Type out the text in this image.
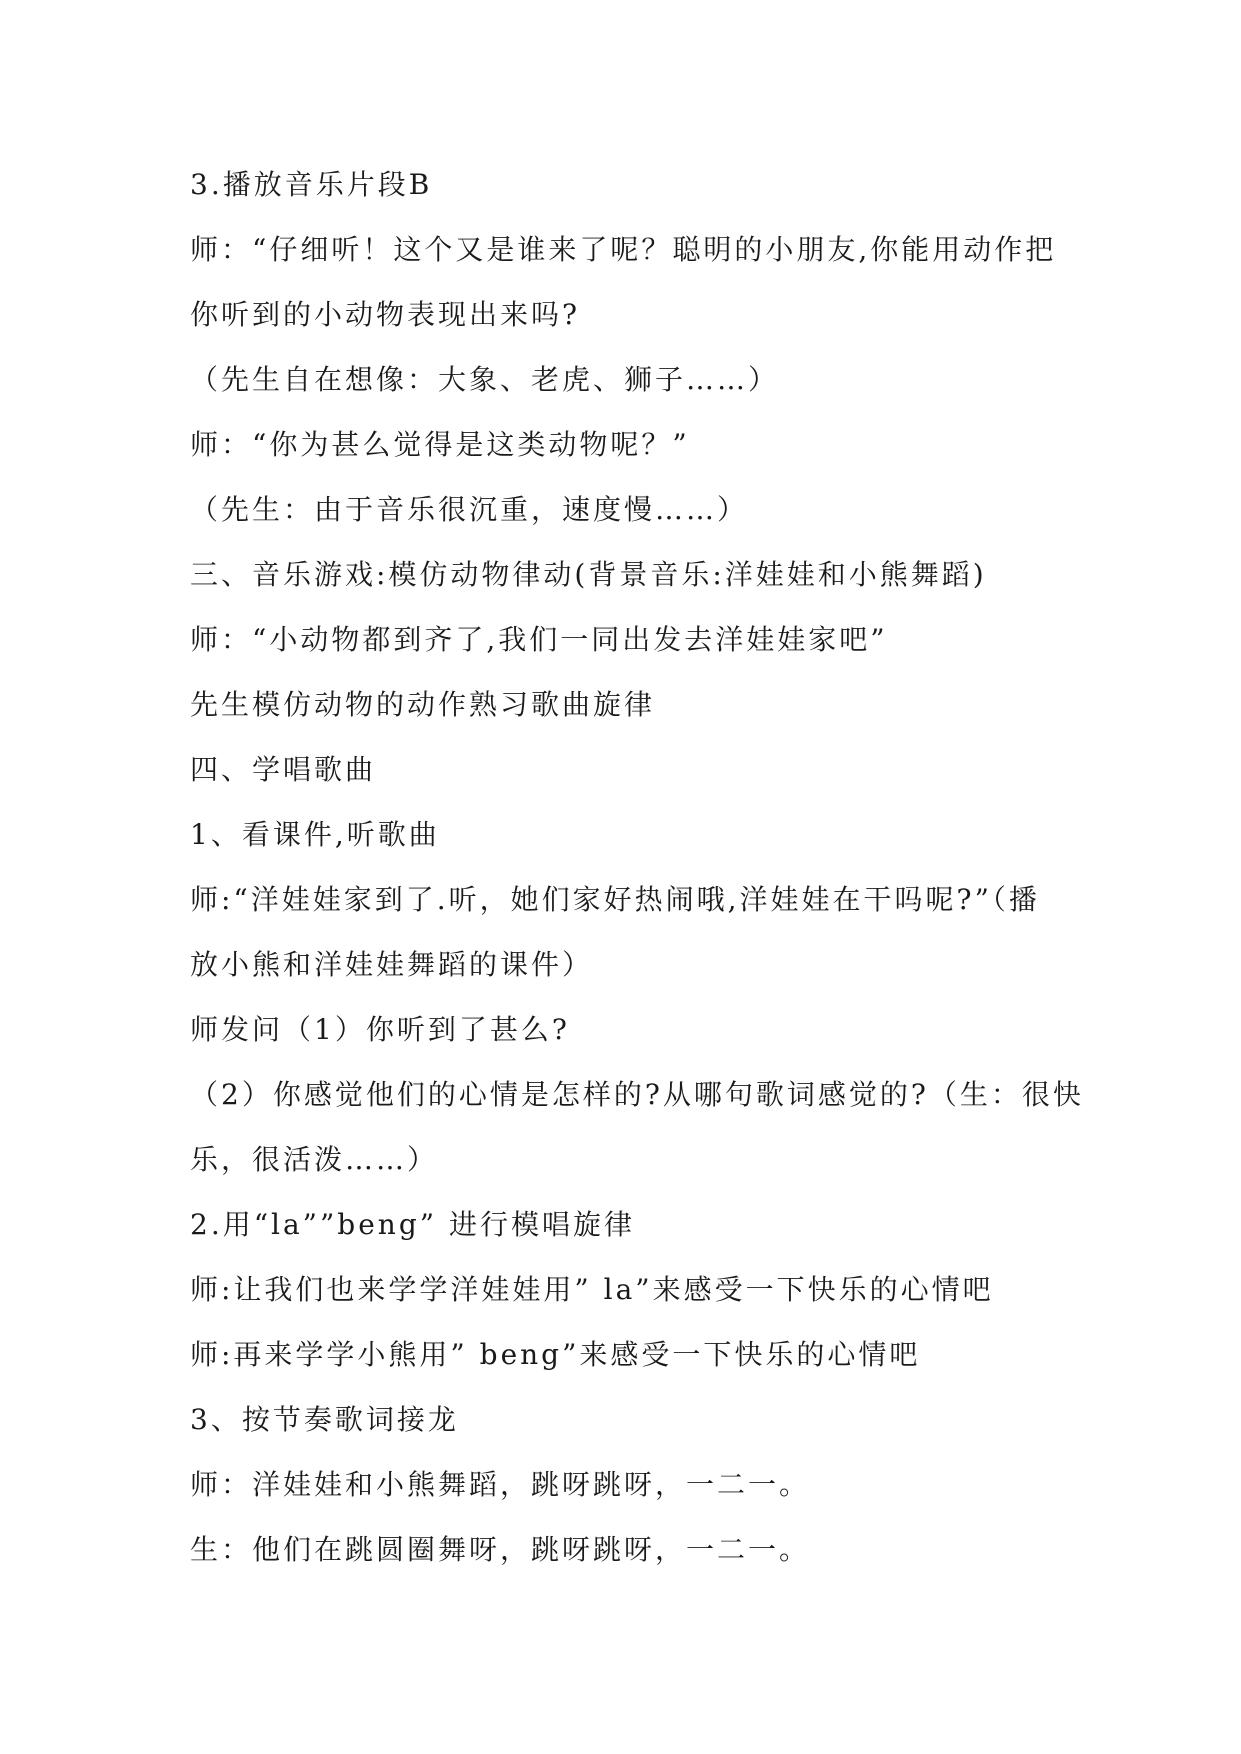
3.播放音乐片段B
师：“仔细听！这个又是谁来了呢？聪明的小朋友,你能用动作把
你听到的小动物表现出来吗?
（先生自在想像：大象、老虎、狮子……）
师：“你为甚么觉得是这类动物呢？”
（先生：由于音乐很沉重，速度慢……）
三、音乐游戏:模仿动物律动(背景音乐:洋娃娃和小熊舞蹈)
师：“小动物都到齐了,我们一同出发去洋娃娃家吧”
先生模仿动物的动作熟习歌曲旋律
四、学唱歌曲
1、看课件,听歌曲
师:“洋娃娃家到了.听，她们家好热闹哦,洋娃娃在干吗呢?”（播
放小熊和洋娃娃舞蹈的课件）
师发问（1）你听到了甚么?
（2）你感觉他们的心情是怎样的?从哪句歌词感觉的?（生：很快
乐，很活泼……）
2.用“la””beng” 进行模唱旋律
师:让我们也来学学洋娃娃用” la”来感受一下快乐的心情吧
师:再来学学小熊用” beng”来感受一下快乐的心情吧
3、按节奏歌词接龙
师：洋娃娃和小熊舞蹈，跳呀跳呀，一二一。
生：他们在跳圆圈舞呀，跳呀跳呀，一二一。
